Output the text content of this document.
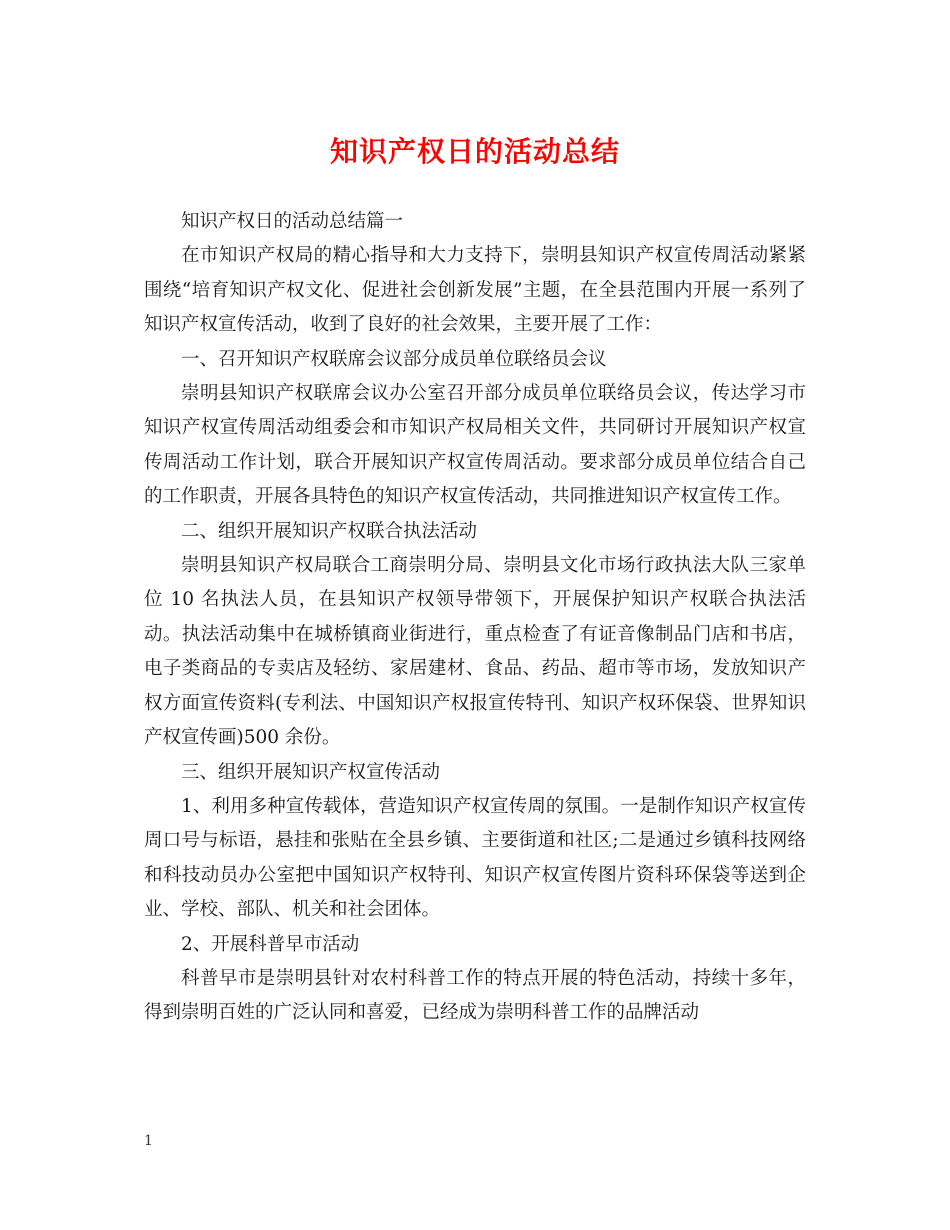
知识产权日的活动总结

知识产权日的活动总结篇一

在市知识产权局的精心指导和大力支持下，崇明县知识产权宣传周活动紧紧围绕“培育知识产权文化、促进社会创新发展”主题，在全县范围内开展一系列了知识产权宣传活动，收到了良好的社会效果，主要开展了工作：

一、召开知识产权联席会议部分成员单位联络员会议

崇明县知识产权联席会议办公室召开部分成员单位联络员会议，传达学习市知识产权宣传周活动组委会和市知识产权局相关文件，共同研讨开展知识产权宣传周活动工作计划，联合开展知识产权宣传周活动。要求部分成员单位结合自己的工作职责，开展各具特色的知识产权宣传活动，共同推进知识产权宣传工作。

二、组织开展知识产权联合执法活动

崇明县知识产权局联合工商崇明分局、崇明县文化市场行政执法大队三家单位 10 名执法人员，在县知识产权领导带领下，开展保护知识产权联合执法活动。执法活动集中在城桥镇商业街进行，重点检查了有证音像制品门店和书店，电子类商品的专卖店及轻纺、家居建材、食品、药品、超市等市场，发放知识产权方面宣传资料(专利法、中国知识产权报宣传特刊、知识产权环保袋、世界知识产权宣传画)500 余份。

三、组织开展知识产权宣传活动

1、利用多种宣传载体，营造知识产权宣传周的氛围。一是制作知识产权宣传周口号与标语，悬挂和张贴在全县乡镇、主要街道和社区;二是通过乡镇科技网络和科技动员办公室把中国知识产权特刊、知识产权宣传图片资科环保袋等送到企业、学校、部队、机关和社会团体。

2、开展科普早市活动

科普早市是崇明县针对农村科普工作的特点开展的特色活动，持续十多年，得到崇明百姓的广泛认同和喜爱，已经成为崇明科普工作的品牌活动

1
